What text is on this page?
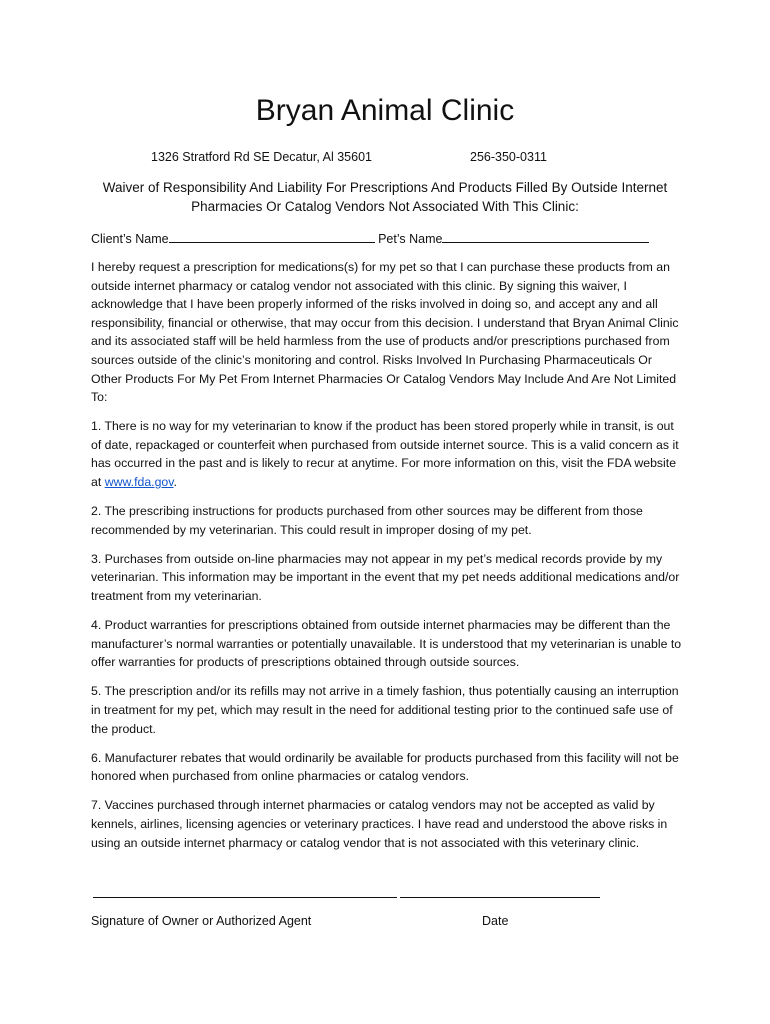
Bryan Animal Clinic
1326 Stratford Rd SE Decatur, Al 35601	256-350-0311
Waiver of Responsibility And Liability For Prescriptions And Products Filled By Outside Internet
Pharmacies Or Catalog Vendors Not Associated With This Clinic:
Client’s Name	Pet’s Name

I hereby request a prescription for medications(s) for my pet so that I can purchase these products from an outside internet pharmacy or catalog vendor not associated with this clinic. By signing this waiver, I acknowledge that I have been properly informed of the risks involved in doing so, and accept any and all responsibility, financial or otherwise, that may occur from this decision. I understand that Bryan Animal Clinic and its associated staff will be held harmless from the use of products and/or prescriptions purchased from sources outside of the clinic’s monitoring and control. Risks Involved In Purchasing Pharmaceuticals Or Other Products For My Pet From Internet Pharmacies Or Catalog Vendors May Include And Are Not Limited To:

1. There is no way for my veterinarian to know if the product has been stored properly while in transit, is out of date, repackaged or counterfeit when purchased from outside internet source. This is a valid concern as it has occurred in the past and is likely to recur at anytime. For more information on this, visit the FDA website at www.fda.gov.

2. The prescribing instructions for products purchased from other sources may be different from those recommended by my veterinarian. This could result in improper dosing of my pet.

3. Purchases from outside on-line pharmacies may not appear in my pet’s medical records provide by my veterinarian. This information may be important in the event that my pet needs additional medications and/or treatment from my veterinarian.

4. Product warranties for prescriptions obtained from outside internet pharmacies may be different than the manufacturer’s normal warranties or potentially unavailable. It is understood that my veterinarian is unable to offer warranties for products of prescriptions obtained through outside sources.

5. The prescription and/or its refills may not arrive in a timely fashion, thus potentially causing an interruption in treatment for my pet, which may result in the need for additional testing prior to the continued safe use of the product.

6. Manufacturer rebates that would ordinarily be available for products purchased from this facility will not be honored when purchased from online pharmacies or catalog vendors.

7. Vaccines purchased through internet pharmacies or catalog vendors may not be accepted as valid by kennels, airlines, licensing agencies or veterinary practices. I have read and understood the above risks in using an outside internet pharmacy or catalog vendor that is not associated with this veterinary clinic.

Signature of Owner or Authorized Agent	Date
